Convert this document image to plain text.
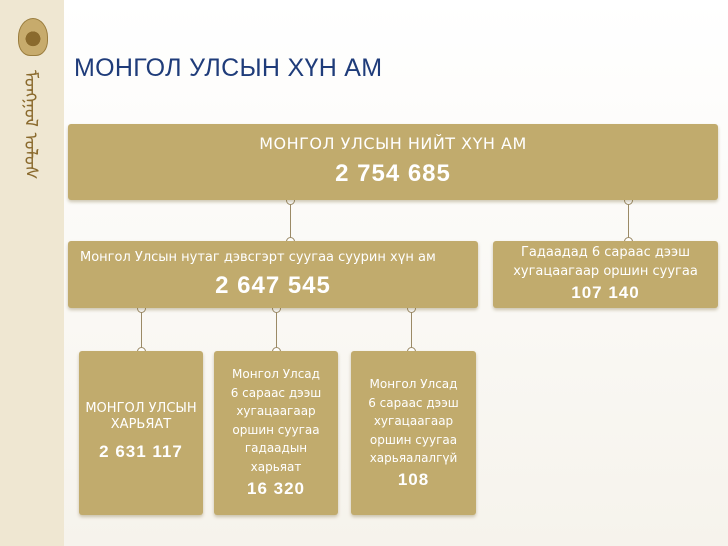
ᠮᠣᠩᠭᠣᠯ ᠤᠯᠤᠰ
МОНГОЛ УЛСЫН ХҮН АМ
МОНГОЛ УЛСЫН НИЙТ ХҮН АМ
2 754 685
Монгол Улсын нутаг дэвсгэрт суугаа суурин хүн ам
2 647 545
Гадаадад 6 сараас дээш
хугацаагаар оршин суугаа
107 140
МОНГОЛ УЛСЫН
ХАРЬЯАТ
2 631 117
Монгол Улсад
6 сараас дээш
хугацаагаар
оршин суугаа
гадаадын
харьяат
16 320
Монгол Улсад
6 сараас дээш
хугацаагаар
оршин суугаа
харьяалалгүй
108
